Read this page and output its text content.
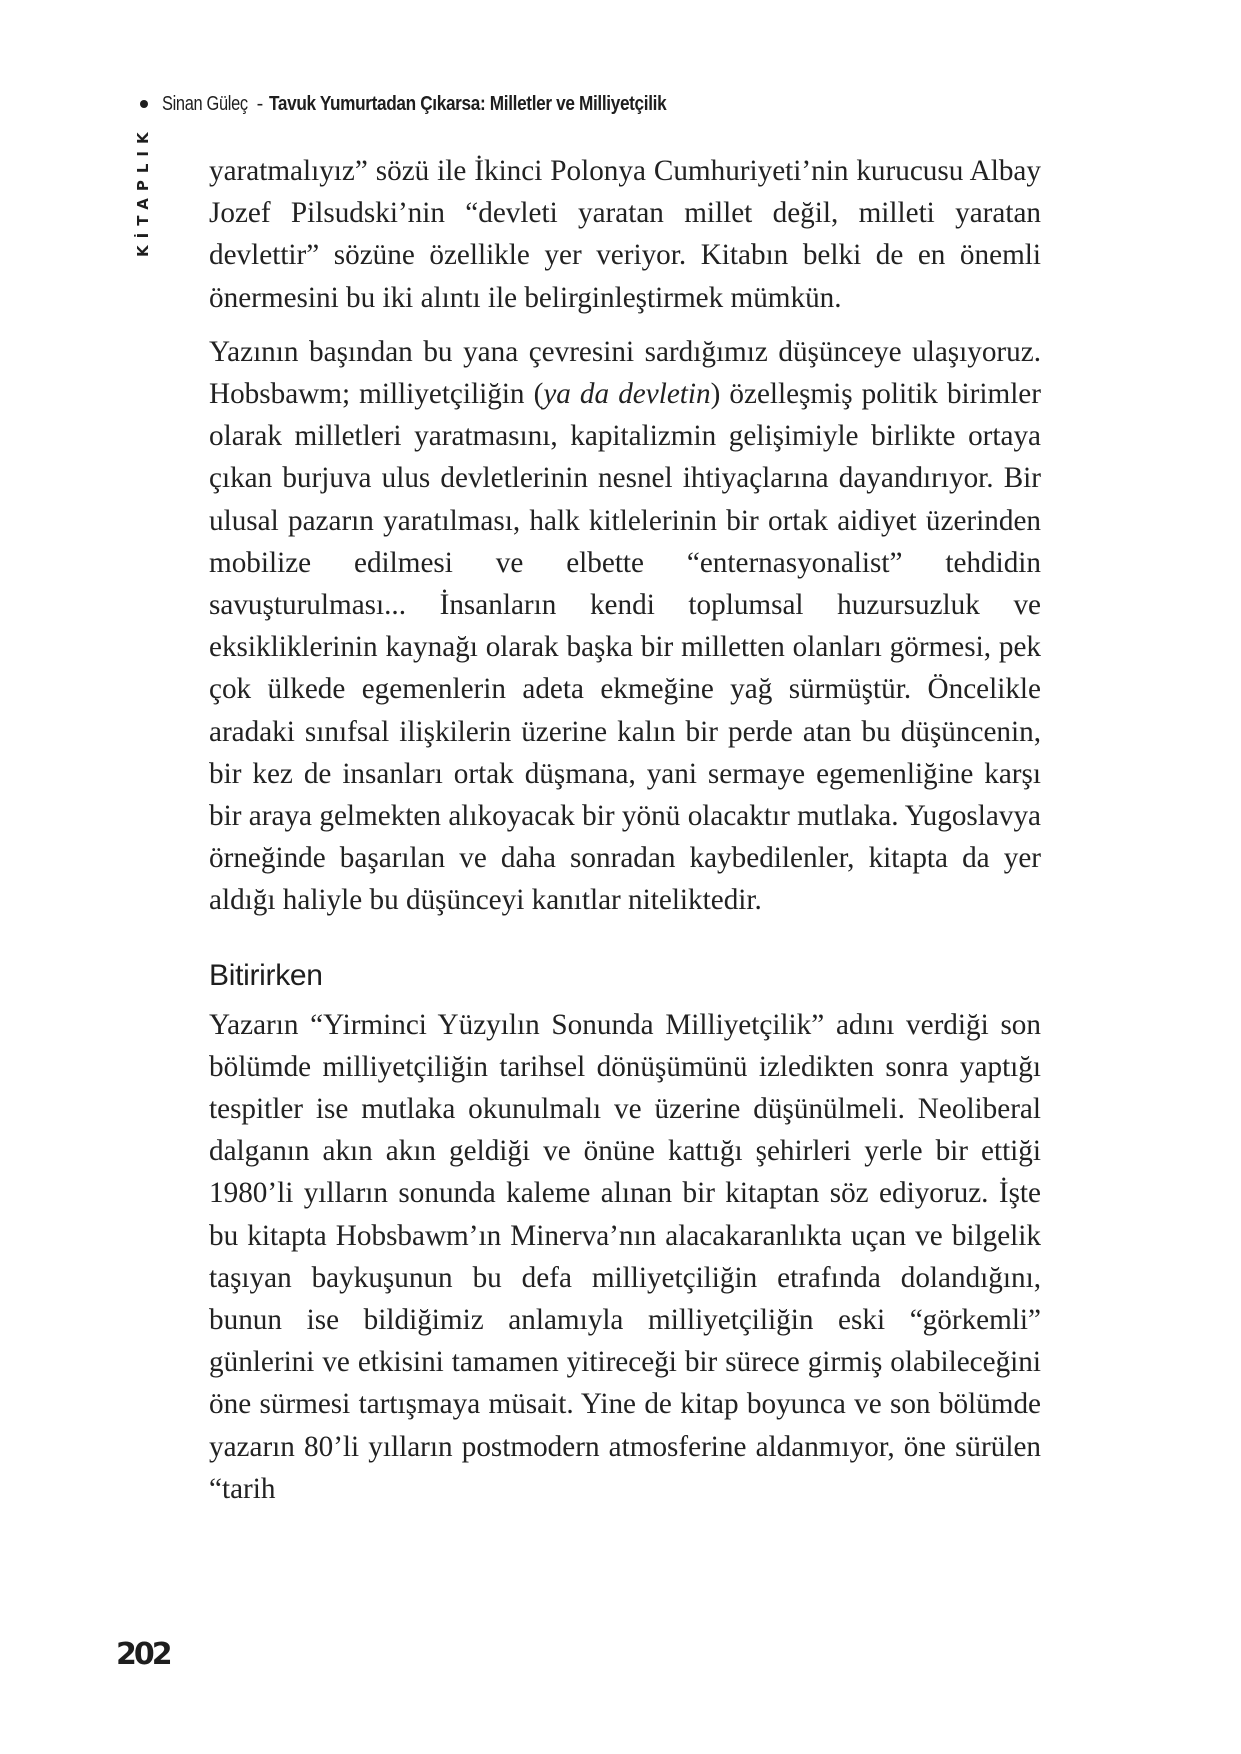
Sinan Güleç - Tavuk Yumurtadan Çıkarsa: Milletler ve Milliyetçilik
KİTAPLIK yaratmalıyız” sözü ile İkinci Polonya Cumhuriyeti’nin kurucusu Albay Jozef Pilsudski’nin “devleti yaratan millet değil, milleti yaratan devlettir” sözüne özellikle yer veriyor. Kitabın belki de en önemli önermesini bu iki alıntı ile belirginleştirmek mümkün.

Yazının başından bu yana çevresini sardığımız düşünceye ulaşıyoruz. Hobsbawm; milliyetçiliğin (ya da devletin) özelleşmiş politik birimler olarak milletleri yaratmasını, kapitalizmin gelişimiyle birlikte ortaya çıkan burjuva ulus devletlerinin nesnel ihtiyaçlarına dayandırıyor. Bir ulusal pazarın yaratılması, halk kitlelerinin bir ortak aidiyet üzerinden mobilize edilmesi ve elbette “enternasyonalist” tehdidin savuşturulması... İnsanların kendi toplumsal huzursuzluk ve eksikliklerinin kaynağı olarak başka bir milletten olanları görmesi, pek çok ülkede egemenlerin adeta ekmeğine yağ sürmüştür. Öncelikle aradaki sınıfsal ilişkilerin üzerine kalın bir perde atan bu düşüncenin, bir kez de insanları ortak düşmana, yani sermaye egemenliğine karşı bir araya gelmekten alıkoyacak bir yönü olacaktır mutlaka. Yugoslavya örneğinde başarılan ve daha sonradan kaybedilenler, kitapta da yer aldığı haliyle bu düşünceyi kanıtlar niteliktedir.

Bitirirken

Yazarın “Yirminci Yüzyılın Sonunda Milliyetçilik” adını verdiği son bölümde milliyetçiliğin tarihsel dönüşümünü izledikten sonra yaptığı tespitler ise mutlaka okunulmalı ve üzerine düşünülmeli. Neoliberal dalganın akın akın geldiği ve önüne kattığı şehirleri yerle bir ettiği 1980’li yılların sonunda kaleme alınan bir kitaptan söz ediyoruz. İşte bu kitapta Hobsbawm’ın Minerva’nın alacakaranlıkta uçan ve bilgelik taşıyan baykuşunun bu defa milliyetçiliğin etrafında dolandığını, bunun ise bildiğimiz anlamıyla milliyetçiliğin eski “görkemli” günlerini ve etkisini tamamen yitireceği bir sürece girmiş olabileceğini öne sürmesi tartışmaya müsait. Yine de kitap boyunca ve son bölümde yazarın 80’li yılların postmodern atmosferine aldanmıyor, öne sürülen “tarih

202
